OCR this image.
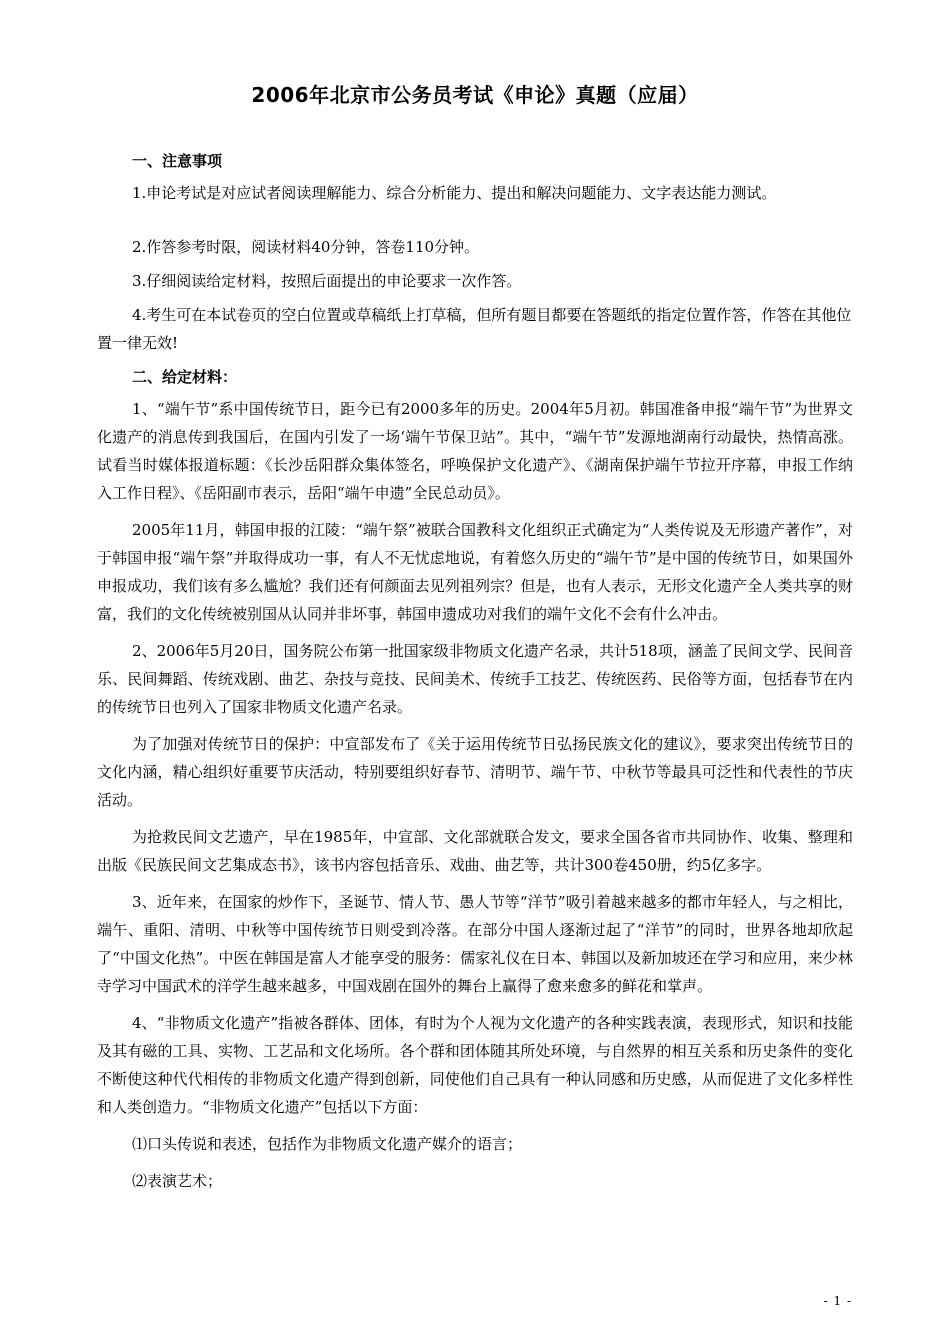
2006年北京市公务员考试《申论》真题（应届）
一、注意事项

1.申论考试是对应试者阅读理解能力、综合分析能力、提出和解决问题能力、文字表达能力测试。

2.作答参考时限，阅读材料40分钟，答卷110分钟。

3.仔细阅读给定材料，按照后面提出的申论要求一次作答。

4.考生可在本试卷页的空白位置或草稿纸上打草稿，但所有题目都要在答题纸的指定位置作答，作答在其他位置一律无效!

二、给定材料：

1、“端午节”系中国传统节日，距今已有2000多年的历史。2004年5月初。韩国准备申报“端午节”为世界文化遗产的消息传到我国后，在国内引发了一场‘端午节保卫站”。其中，“端午节”发源地湖南行动最快，热情高涨。试看当时媒体报道标题：《长沙岳阳群众集体签名，呼唤保护文化遗产》、《湖南保护端午节拉开序幕，申报工作纳入工作日程》、《岳阳副市表示，岳阳“端午申遗”全民总动员》。

2005年11月，韩国申报的江陵：“端午祭”被联合国教科文化组织正式确定为“人类传说及无形遗产著作”，对于韩国申报“端午祭”并取得成功一事，有人不无忧虑地说，有着悠久历史的“端午节”是中国的传统节日，如果国外申报成功，我们该有多么尴尬？我们还有何颜面去见列祖列宗？但是，也有人表示，无形文化遗产全人类共享的财富，我们的文化传统被别国从认同并非坏事，韩国申遗成功对我们的端午文化不会有什么冲击。

2、2006年5月20日，国务院公布第一批国家级非物质文化遗产名录，共计518项，涵盖了民间文学、民间音乐、民间舞蹈、传统戏剧、曲艺、杂技与竞技、民间美术、传统手工技艺、传统医药、民俗等方面，包括春节在内的传统节日也列入了国家非物质文化遗产名录。

为了加强对传统节日的保护：中宣部发布了《关于运用传统节日弘扬民族文化的建议》，要求突出传统节日的文化内涵，精心组织好重要节庆活动，特别要组织好春节、清明节、端午节、中秋节等最具可泛性和代表性的节庆活动。

为抢救民间文艺遗产，早在1985年，中宣部、文化部就联合发文，要求全国各省市共同协作、收集、整理和出版《民族民间文艺集成态书》，该书内容包括音乐、戏曲、曲艺等，共计300卷450册，约5亿多字。

3、近年来，在国家的炒作下，圣诞节、情人节、愚人节等“洋节”吸引着越来越多的都市年轻人，与之相比，端午、重阳、清明、中秋等中国传统节日则受到冷落。在部分中国人逐渐过起了“洋节”的同时，世界各地却欣起了“中国文化热”。中医在韩国是富人才能享受的服务：儒家礼仪在日本、韩国以及新加坡还在学习和应用，来少林寺学习中国武术的洋学生越来越多，中国戏剧在国外的舞台上赢得了愈来愈多的鲜花和掌声。

4、“非物质文化遗产”指被各群体、团体，有时为个人视为文化遗产的各种实践表演，表现形式，知识和技能及其有磁的工具、实物、工艺品和文化场所。各个群和团体随其所处环境，与自然界的相互关系和历史条件的变化不断使这种代代相传的非物质文化遗产得到创新，同使他们自己具有一种认同感和历史感，从而促进了文化多样性和人类创造力。“非物质文化遗产”包括以下方面：

⑴口头传说和表述，包括作为非物质文化遗产媒介的语言；

⑵表演艺术；

- 1 -
